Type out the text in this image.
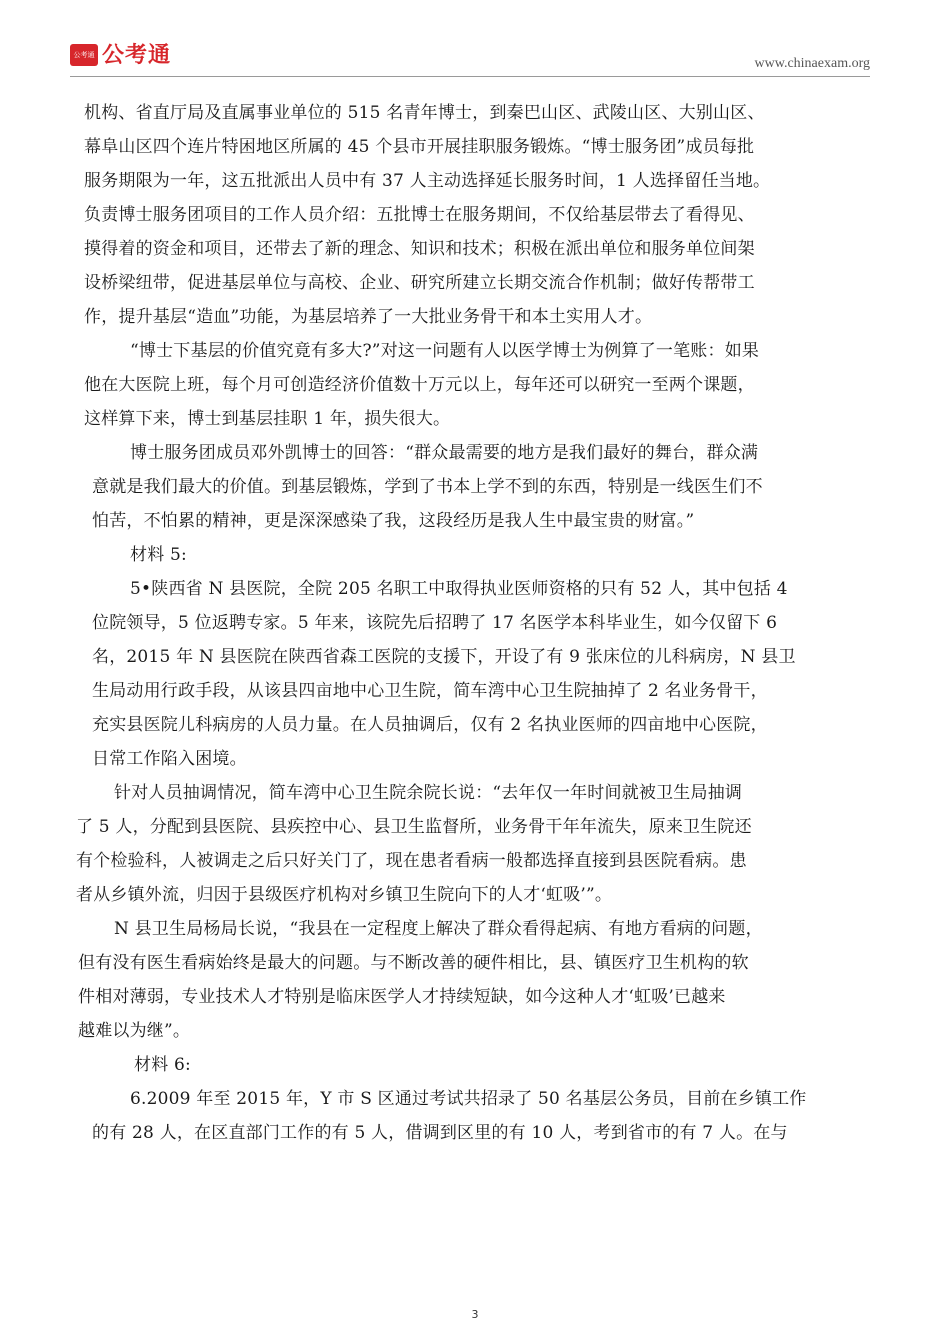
公考通 公考通	www.chinaexam.org
机构、省直厅局及直属事业单位的 515 名青年博士，到秦巴山区、武陵山区、大别山区、
幕阜山区四个连片特困地区所属的 45 个县市开展挂职服务锻炼。“博士服务团”成员每批
服务期限为一年，这五批派出人员中有 37 人主动选择延长服务时间，1 人选择留任当地。
负责博士服务团项目的工作人员介绍：五批博士在服务期间，不仅给基层带去了看得见、
摸得着的资金和项目，还带去了新的理念、知识和技术；积极在派出单位和服务单位间架
设桥梁纽带，促进基层单位与高校、企业、研究所建立长期交流合作机制；做好传帮带工
作，提升基层“造血”功能，为基层培养了一大批业务骨干和本土实用人才。
“博士下基层的价值究竟有多大?”对这一问题有人以医学博士为例算了一笔账：如果
他在大医院上班，每个月可创造经济价值数十万元以上，每年还可以研究一至两个课题，
这样算下来，博士到基层挂职 1 年，损失很大。
博士服务团成员邓外凯博士的回答：“群众最需要的地方是我们最好的舞台，群众满
意就是我们最大的价值。到基层锻炼，学到了书本上学不到的东西，特别是一线医生们不
怕苦，不怕累的精神，更是深深感染了我，这段经历是我人生中最宝贵的财富。”
材料 5:
5•陕西省 N 县医院，全院 205 名职工中取得执业医师资格的只有 52 人，其中包括 4
位院领导，5 位返聘专家。5 年来，该院先后招聘了 17 名医学本科毕业生，如今仅留下 6
名，2015 年 N 县医院在陕西省森工医院的支援下，开设了有 9 张床位的儿科病房，N 县卫
生局动用行政手段，从该县四亩地中心卫生院，简车湾中心卫生院抽掉了 2 名业务骨干，
充实县医院儿科病房的人员力量。在人员抽调后，仅有 2 名执业医师的四亩地中心医院，
日常工作陷入困境。
针对人员抽调情况，简车湾中心卫生院余院长说：“去年仅一年时间就被卫生局抽调
了 5 人，分配到县医院、县疾控中心、县卫生监督所，业务骨干年年流失，原来卫生院还
有个检验科，人被调走之后只好关门了，现在患者看病一般都选择直接到县医院看病。患
者从乡镇外流，归因于县级医疗机构对乡镇卫生院向下的人才‘虹吸’”。
N 县卫生局杨局长说，“我县在一定程度上解决了群众看得起病、有地方看病的问题，
但有没有医生看病始终是最大的问题。与不断改善的硬件相比，县、镇医疗卫生机构的软
件相对薄弱，专业技术人才特别是临床医学人才持续短缺，如今这种人才‘虹吸’已越来
越难以为继”。
材料 6:
6.2009 年至 2015 年，Y 市 S 区通过考试共招录了 50 名基层公务员，目前在乡镇工作
的有 28 人，在区直部门工作的有 5 人，借调到区里的有 10 人，考到省市的有 7 人。在与
3
